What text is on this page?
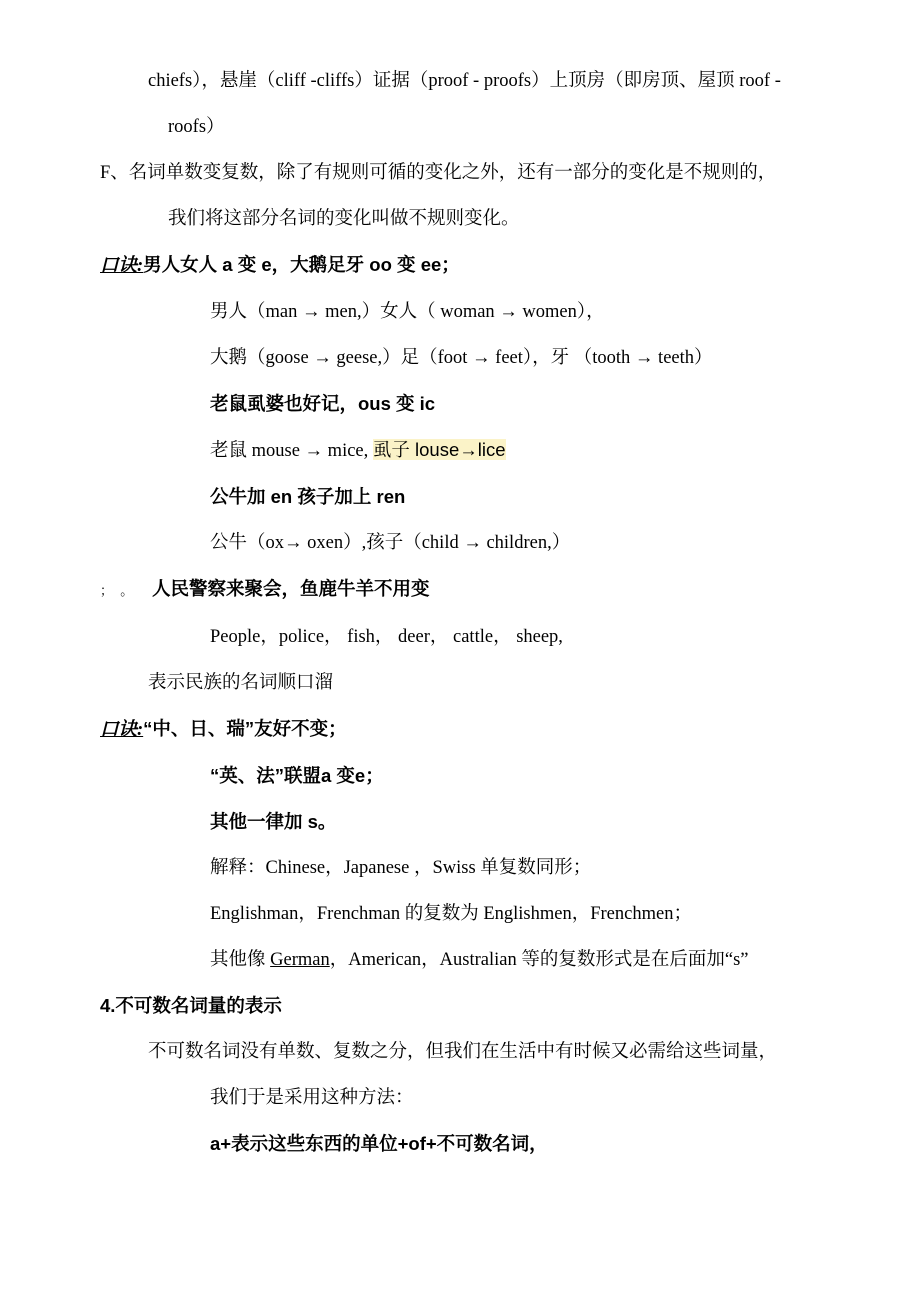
chiefs），悬崖（cliff -cliffs）证据（proof - proofs）上顶房（即房顶、屋顶 roof -
roofs）
F、名词单数变复数，除了有规则可循的变化之外，还有一部分的变化是不规则的，
我们将这部分名词的变化叫做不规则变化。
口诀:男人女人 a 变 e，大鹅足牙 oo 变 ee；
男人（man → men,）女人（ woman → women），
大鹅（goose → geese,）足（foot → feet），牙 （tooth → teeth）
老鼠虱婆也好记，ous 变 ic
老鼠 mouse → mice, 虱子 louse→lice
公牛加 en 孩子加上 ren
公牛（ox→ oxen）,孩子（child → children,）
； 。 人民警察来聚会，鱼鹿牛羊不用变
People，police， fish， deer， cattle， sheep,
表示民族的名词顺口溜
口诀:“中、日、瑞”友好不变；
“英、法”联盟a 变e；
其他一律加 s。
解释：Chinese，Japanese ，Swiss 单复数同形；
Englishman，Frenchman 的复数为 Englishmen，Frenchmen；
其他像 German，American，Australian 等的复数形式是在后面加“s”
4.不可数名词量的表示
不可数名词没有单数、复数之分，但我们在生活中有时候又必需给这些词量，
我们于是采用这种方法：
a+表示这些东西的单位+of+不可数名词，
